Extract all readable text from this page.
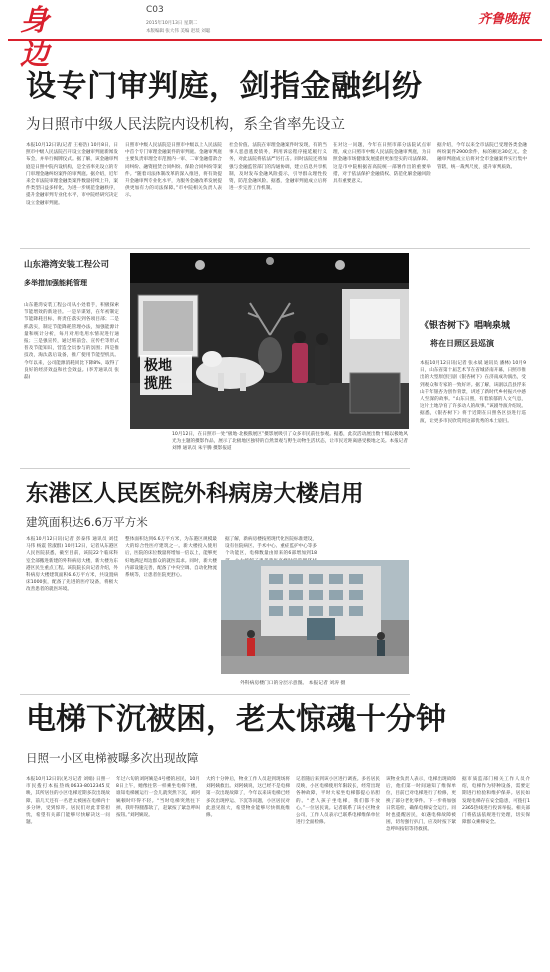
身边
C03
2015年10月13日 星期二
本版编辑 张大伟 美编 赵琰 刘聪
齐鲁晚报
设专门审判庭，剑指金融纠纷
为日照市中级人民法院内设机构，系全省率先设立
本报10月12日讯(记者 王裕浩) 10月8日，日照市中级人民法院召开设立金融审判庭新闻发布会，并举行揭牌仪式。据了解，该金融审判庭是日照中院内设机构，是全省率先设立的专门审理金融纠纷案件的审判庭。据介绍，近年来全市法院审理金融类案件数量持续上升，案件类型日益多样化，为进一步规范金融秩序，提升金融审判专业化水平，市中院经研究决定设立金融审判庭。
日照市中级人民法院是日照市中级以上人民法院中首个专门审理金融案件的审判庭。金融审判庭主要负责审理全市范围内一审、二审金融借款合同纠纷、融资租赁合同纠纷、保险合同纠纷等案件。“随着司法体制改革的深入推进，将有效提升金融审判专业化水平，为服务金融改革发展提供更加有力的司法保障。”市中院相关负责人表示。
社会价值、法院在审理金融案件时发现，有的当事人恶意逃废债务，利用诉讼程序拖延履行义务，对此法院将依法严厉打击。同时法院还将加强与金融监管部门的沟通协调，建立信息共享机制，及时发布金融风险提示，引导群众理性投资，防范金融风险。据悉，金融审判庭成立后将进一步完善工作机制。
在对这一问题，今年在日照市部分法院试点审理，成立日照市中级人民法院金融审判庭，为日照金融市场健康发展提供更加坚实的司法保障。这是市中院根据省高院统一部署作出的重要举措，对于依法保护金融债权、防范化解金融风险具有重要意义。
据介绍，今年以来全市法院已受理各类金融纠纷案件2900余件，标的额达30亿元。金融审判庭成立后将对全市金融案件实行集中管辖，统一裁判尺度，提升审判质效。
山东港湾安装工程公司
多举措加强能耗管理
山东港湾安装工程公司从小处着手，积极探索节能增效的新途径。一是早谋划，在年初制定节能降耗目标，将责任落实到各项目部；二是抓落实，制定节能降耗管理办法，加强能源计量和统计分析，每月对用电用水情况进行通报；三是强宣传，通过班前会、宣传栏等形式普及节能知识，营造全员参与的氛围；四是推技改，淘汰落后设备，推广使用节能型机具。今年以来，公司能源消耗同比下降8%，取得了良好的经济效益和社会效益。(李芳通讯员 张磊)
极地
揽胜
10月12日，在日照市一处“极地·北极熊展区”摄影展吸引了众多市民前往参观。据悉，此次活动展出数十幅以极地风光为主题的摄影作品，展示了北极地区独特的自然景观与野生动物生活状态，让市民近距离感受极地之美。本报记者 刘博 通讯员 朱宇腾 摄影报道
《银杏树下》唱响泉城
将在日照区县巡演
本报10月12日讯(记者 张永斌 通讯员 潘林) 10月9日，山东省第十届艺术节在省城济南开幕，日照市推出的大型原创吕剧《银杏树下》在济南成功演出，受到观众和专家的一致好评。据了解，该剧以莒县浮来山千年银杏为创作背景，讲述了新时代乡村振兴中感人至深的故事。“山东日照，有着浓郁的人文气息，这片土地孕育了许多动人的故事。”该剧导演介绍说。据悉，《银杏树下》将于近期在日照各区县进行巡演，让更多市民欣赏到这部优秀的本土剧目。
东港区人民医院外科病房大楼启用
建筑面积达6.6万平方米
本报10月12日讯(记者 彭泰伟 通讯员 刘佳 马伟 杨震 管淑群) 10月12日，记者从东港区人民医院获悉，截至目前，该院22个临床科室全部搬进新建的外科病房大楼，新大楼为东港区民生重点工程。该院院长向记者介绍，外科病房大楼建筑面积6.6万平方米，共设置病床1000张，配备了先进的医疗设备，将极大改善患者的就医环境。
整体面积达到6.6万平方米，为东港区规模最大的综合性医疗建筑之一。新大楼投入使用后，医院的床位数量将增加一倍以上，能够更好地满足周边群众的就医需求。同时，新大楼内部设施完善，配备了中央空调、自动化物流系统等，让患者住院更舒心。
据了解，新病房楼按照现代化医院标准建设，设有住院病区、手术中心、重症监护中心等多个功能区，电梯数量由原来的6部增加到18
外科病房楼门口的分层示意图。 本报记者 刘涛 摄
电梯下沉被困，老太惊魂十分钟
日照一小区电梯被曝多次出现故障
本报10月12日讯(见习记者 刘娟) 日照一市民拨打本报热线0633-8012345反映，其所居住的小区电梯近期多次出现故障，前几天还有一名老太被困在电梯内十多分钟，受到惊吓。居民们对此非常担忧，希望有关部门能够尽快解决这一问题。
年过六旬的刘阿姨是4号楼的居民，10月8日上午，她像往常一样乘坐电梯下楼，谁知电梯刚运行一会儿就突然下沉，刘阿姨顿时吓得不轻。“当时电梯突然往下掉，我吓得腿都软了，赶紧按了紧急呼叫按钮。”刘阿姨说。
大约十分钟后，物业工作人员赶到现场将刘阿姨救出。刘阿姨说，这已经不是电梯第一次出现故障了，今年以来该电梯已经多次出现停运、下沉等问题，小区居民对此意见很大，希望物业能够尽快彻底维修。
记者随后来到该小区进行调查。多名居民反映，小区电梯使用年限较长，经常出现各种故障，平时大家坐电梯都提心吊胆的。“老人孩子坐电梯，我们都不放心。”一位居民说。记者联系了该小区物业公司，工作人员表示已联系电梯维保单位进行全面检修。
该物业负责人表示，电梯出现故障后，他们第一时间通知了维保单位，目前已对电梯进行了检修，更换了部分老化零件。下一步将加强日常巡检，确保电梯安全运行。同时也提醒居民，如遇电梯故障被困，切勿强行扒门，应及时按下紧急呼叫按钮等待救援。
据市质监部门相关工作人员介绍，电梯作为特种设备，需要定期进行检验和维护保养。居民如发现电梯存在安全隐患，可拨打12365热线进行投诉举报。相关部门将依法依规进行处理，切实保障群众乘梯安全。
